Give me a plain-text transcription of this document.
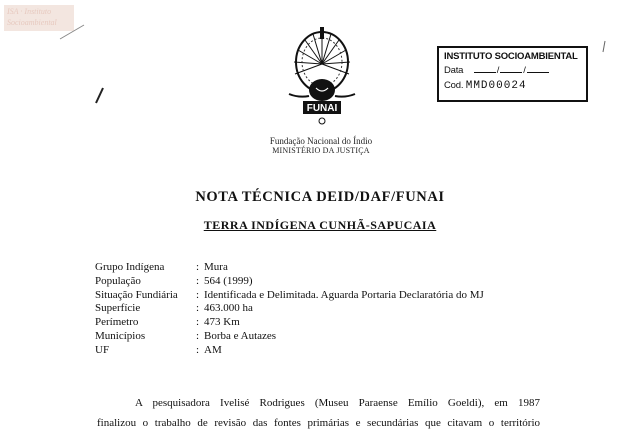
ISA · Instituto Socioambiental
FUNAI
Fundação Nacional do Índio
MINISTÉRIO DA JUSTIÇA
INSTITUTO SOCIOAMBIENTAL
Data	/	/
Cod. MMD00024
NOTA TÉCNICA DEID/DAF/FUNAI
TERRA INDÍGENA CUNHÃ-SAPUCAIA
Grupo Indígena	: Mura
População	: 564 (1999)
Situação Fundiária	: Identificada e Delimitada. Aguarda Portaria Declaratória do MJ
Superfície	: 463.000 ha
Perímetro	: 473 Km
Municípios	: Borba e Autazes
UF	: AM
A pesquisadora Ivelisé Rodrigues (Museu Paraense Emílio Goeldi), em 1987
finalizou o trabalho de revisão das fontes primárias e secundárias que citavam o território
